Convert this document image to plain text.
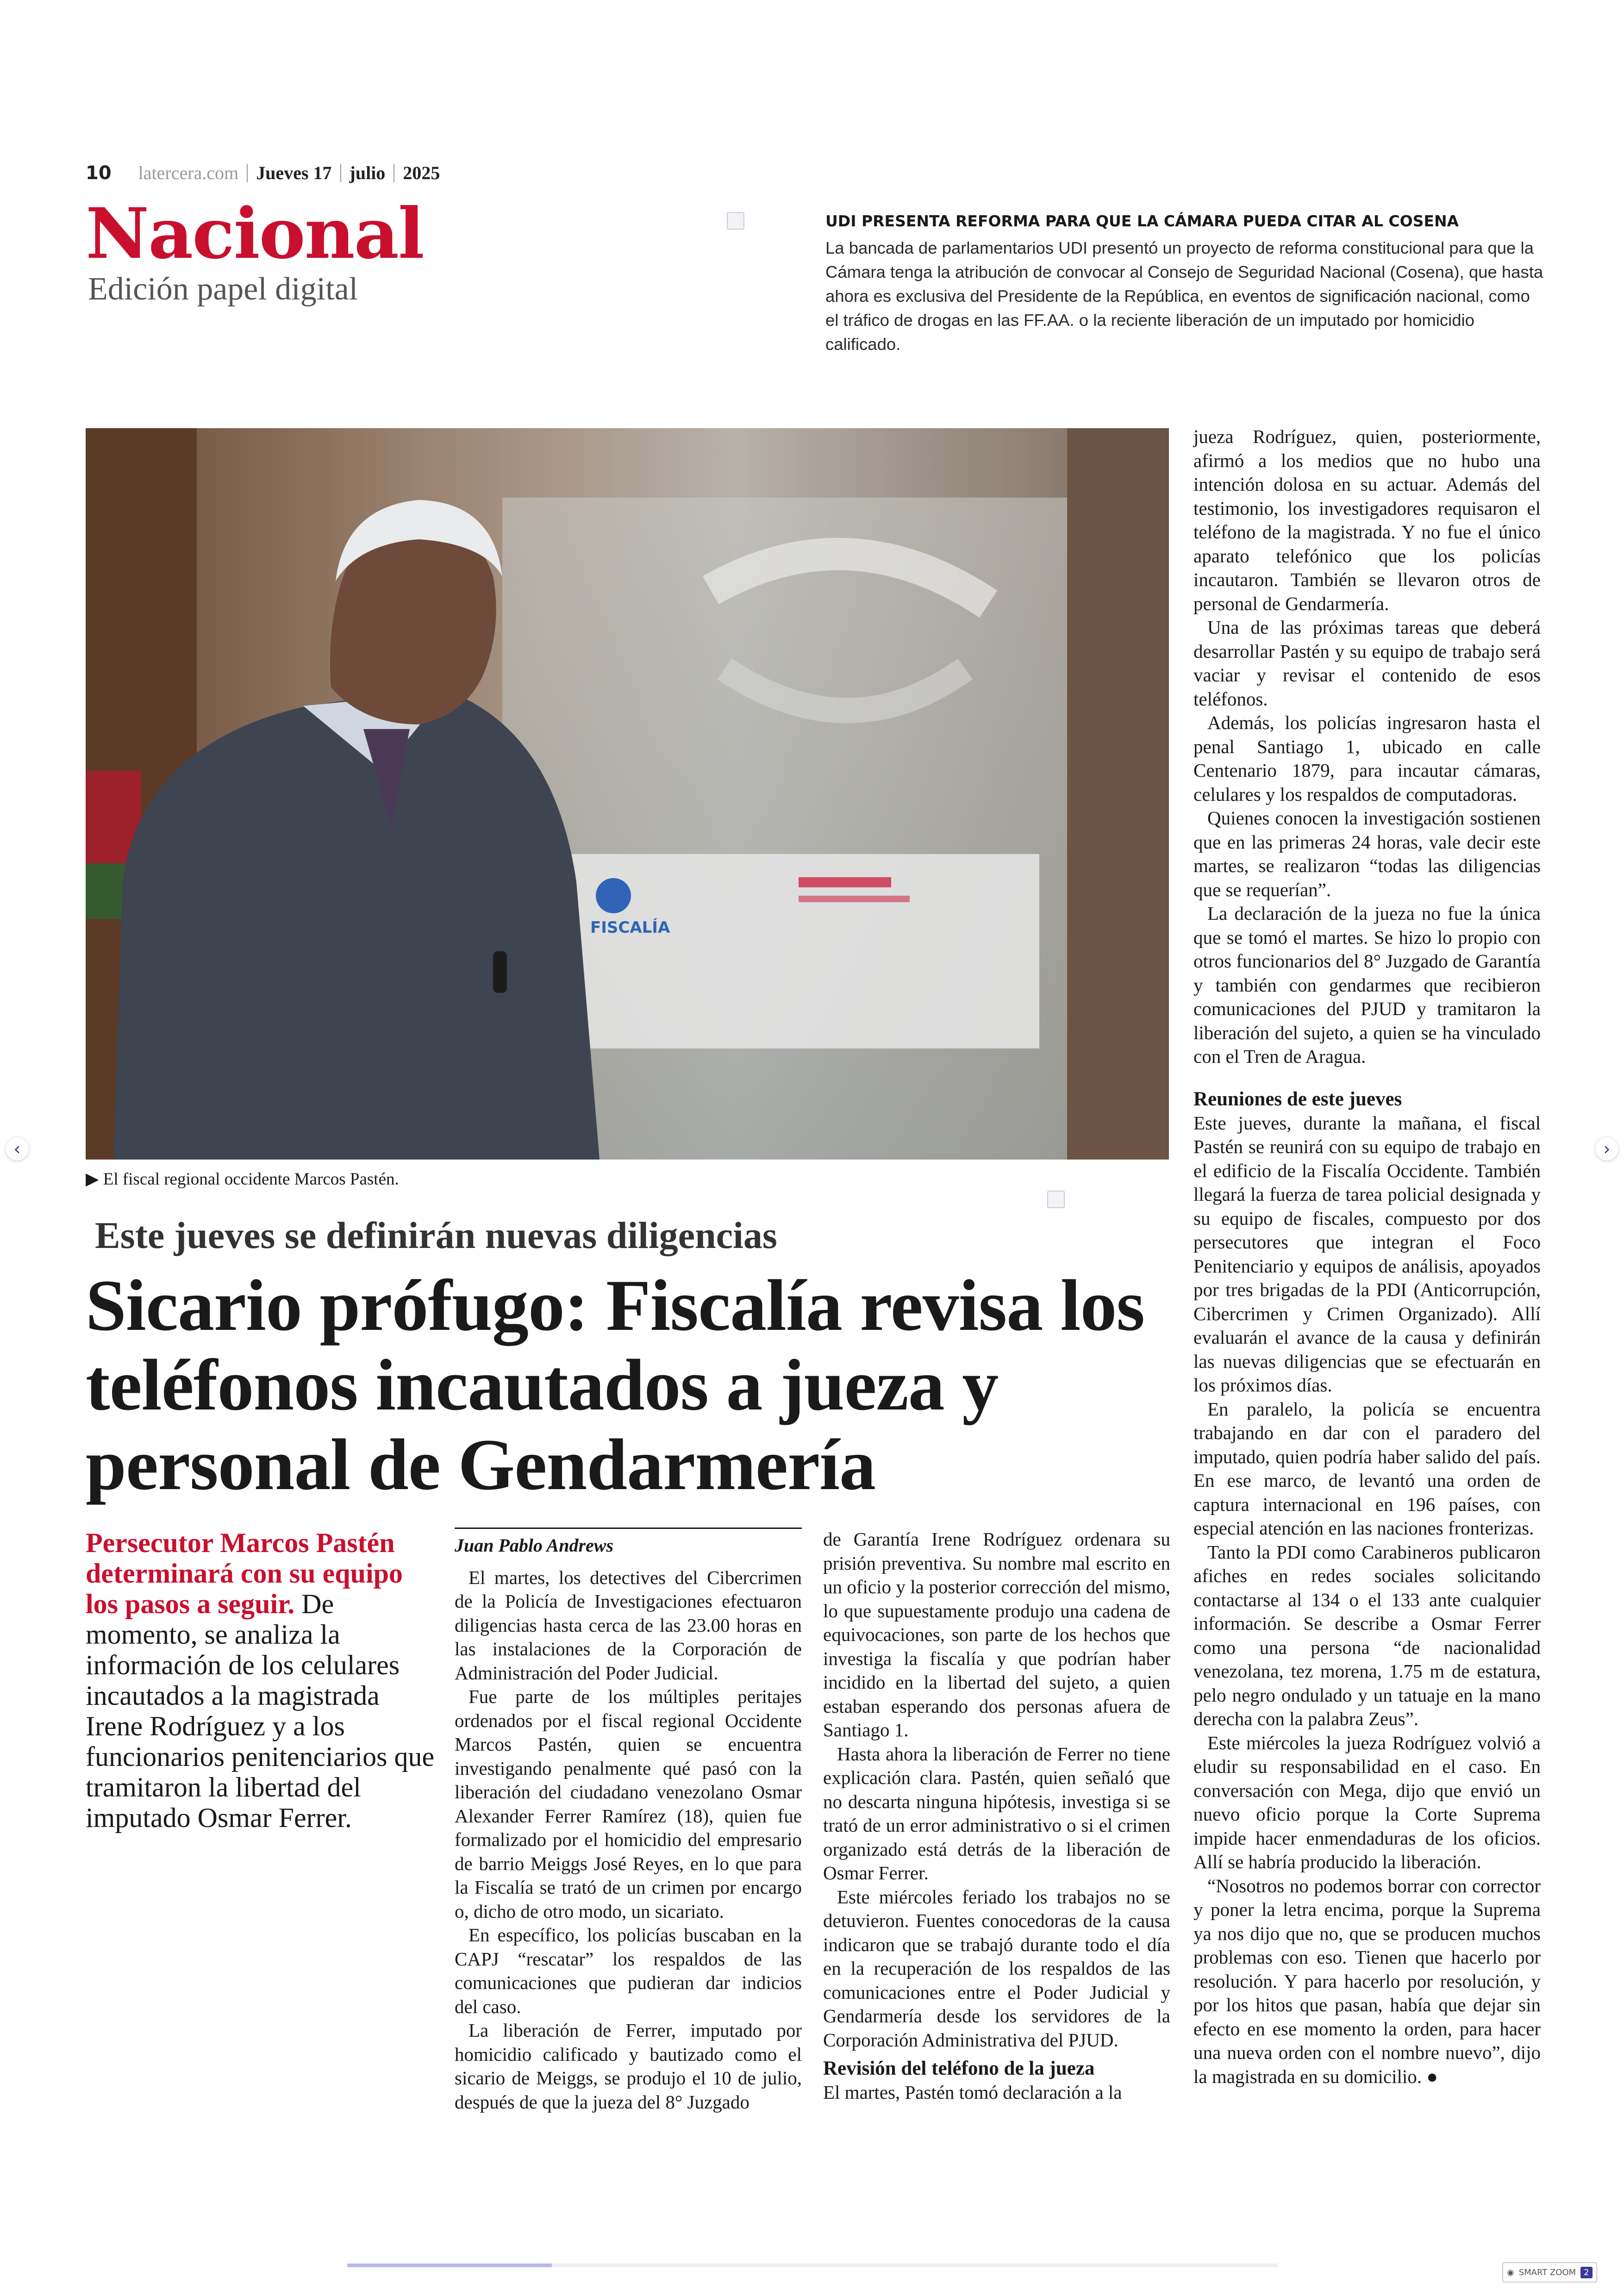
10 latercera.com Jueves 17 julio 2025
Nacional
Edición papel digital
UDI PRESENTA REFORMA PARA QUE LA CÁMARA PUEDA CITAR AL COSENA
La bancada de parlamentarios UDI presentó un proyecto de reforma constitucional para que la Cámara tenga la atribución de convocar al Consejo de Seguridad Nacional (Cosena), que hasta ahora es exclusiva del Presidente de la República, en eventos de significación nacional, como el tráfico de drogas en las FF.AA. o la reciente liberación de un imputado por homicidio calificado.
FISCALÍA
▶ El fiscal regional occidente Marcos Pastén.
Este jueves se definirán nuevas diligencias
Sicario prófugo: Fiscalía revisa los teléfonos incautados a jueza y personal de Gendarmería
Persecutor Marcos Pastén determinará con su equipo los pasos a seguir. De momento, se analiza la información de los celulares incautados a la magistrada Irene Rodríguez y a los funcionarios penitenciarios que tramitaron la libertad del imputado Osmar Ferrer.
Juan Pablo Andrews

El martes, los detectives del Cibercrimen de la Policía de Investigaciones efectuaron diligencias hasta cerca de las 23.00 horas en las instalaciones de la Corporación de Administración del Poder Judicial.

Fue parte de los múltiples peritajes ordenados por el fiscal regional Occidente Marcos Pastén, quien se encuentra investigando penalmente qué pasó con la liberación del ciudadano venezolano Osmar Alexander Ferrer Ramírez (18), quien fue formalizado por el homicidio del empresario de barrio Meiggs José Reyes, en lo que para la Fiscalía se trató de un crimen por encargo o, dicho de otro modo, un sicariato.

En específico, los policías buscaban en la CAPJ “rescatar” los respaldos de las comunicaciones que pudieran dar indicios del caso.

La liberación de Ferrer, imputado por homicidio calificado y bautizado como el sicario de Meiggs, se produjo el 10 de julio, después de que la jueza del 8° Juzgado

de Garantía Irene Rodríguez ordenara su prisión preventiva. Su nombre mal escrito en un oficio y la posterior corrección del mismo, lo que supuestamente produjo una cadena de equivocaciones, son parte de los hechos que investiga la fiscalía y que podrían haber incidido en la libertad del sujeto, a quien estaban esperando dos personas afuera de Santiago 1.

Hasta ahora la liberación de Ferrer no tiene explicación clara. Pastén, quien señaló que no descarta ninguna hipótesis, investiga si se trató de un error administrativo o si el crimen organizado está detrás de la liberación de Osmar Ferrer.

Este miércoles feriado los trabajos no se detuvieron. Fuentes conocedoras de la causa indicaron que se trabajó durante todo el día en la recuperación de los respaldos de las comunicaciones entre el Poder Judicial y Gendarmería desde los servidores de la Corporación Administrativa del PJUD.

Revisión del teléfono de la jueza

El martes, Pastén tomó declaración a la

jueza Rodríguez, quien, posteriormente, afirmó a los medios que no hubo una intención dolosa en su actuar. Además del testimonio, los investigadores requisaron el teléfono de la magistrada. Y no fue el único aparato telefónico que los policías incautaron. También se llevaron otros de personal de Gendarmería.

Una de las próximas tareas que deberá desarrollar Pastén y su equipo de trabajo será vaciar y revisar el contenido de esos teléfonos.

Además, los policías ingresaron hasta el penal Santiago 1, ubicado en calle Centenario 1879, para incautar cámaras, celulares y los respaldos de computadoras.

Quienes conocen la investigación sostienen que en las primeras 24 horas, vale decir este martes, se realizaron “todas las diligencias que se requerían”.

La declaración de la jueza no fue la única que se tomó el martes. Se hizo lo propio con otros funcionarios del 8° Juzgado de Garantía y también con gendarmes que recibieron comunicaciones del PJUD y tramitaron la liberación del sujeto, a quien se ha vinculado con el Tren de Aragua.

Reuniones de este jueves

Este jueves, durante la mañana, el fiscal Pastén se reunirá con su equipo de trabajo en el edificio de la Fiscalía Occidente. También llegará la fuerza de tarea policial designada y su equipo de fiscales, compuesto por dos persecutores que integran el Foco Penitenciario y equipos de análisis, apoyados por tres brigadas de la PDI (Anticorrupción, Cibercrimen y Crimen Organizado). Allí evaluarán el avance de la causa y definirán las nuevas diligencias que se efectuarán en los próximos días.

En paralelo, la policía se encuentra trabajando en dar con el paradero del imputado, quien podría haber salido del país. En ese marco, de levantó una orden de captura internacional en 196 países, con especial atención en las naciones fronterizas.

Tanto la PDI como Carabineros publicaron afiches en redes sociales solicitando contactarse al 134 o el 133 ante cualquier información. Se describe a Osmar Ferrer como una persona “de nacionalidad venezolana, tez morena, 1.75 m de estatura, pelo negro ondulado y un tatuaje en la mano derecha con la palabra Zeus”.

Este miércoles la jueza Rodríguez volvió a eludir su responsabilidad en el caso. En conversación con Mega, dijo que envió un nuevo oficio porque la Corte Suprema impide hacer enmendaduras de los oficios. Allí se habría producido la liberación.

“Nosotros no podemos borrar con corrector y poner la letra encima, porque la Suprema ya nos dijo que no, que se producen muchos problemas con eso. Tienen que hacerlo por resolución. Y para hacerlo por resolución, y por los hitos que pasan, había que dejar sin efecto en ese momento la orden, para hacer una nueva orden con el nombre nuevo”, dijo la magistrada en su domicilio. ●

‹	›
◉ SMART ZOOM 2
